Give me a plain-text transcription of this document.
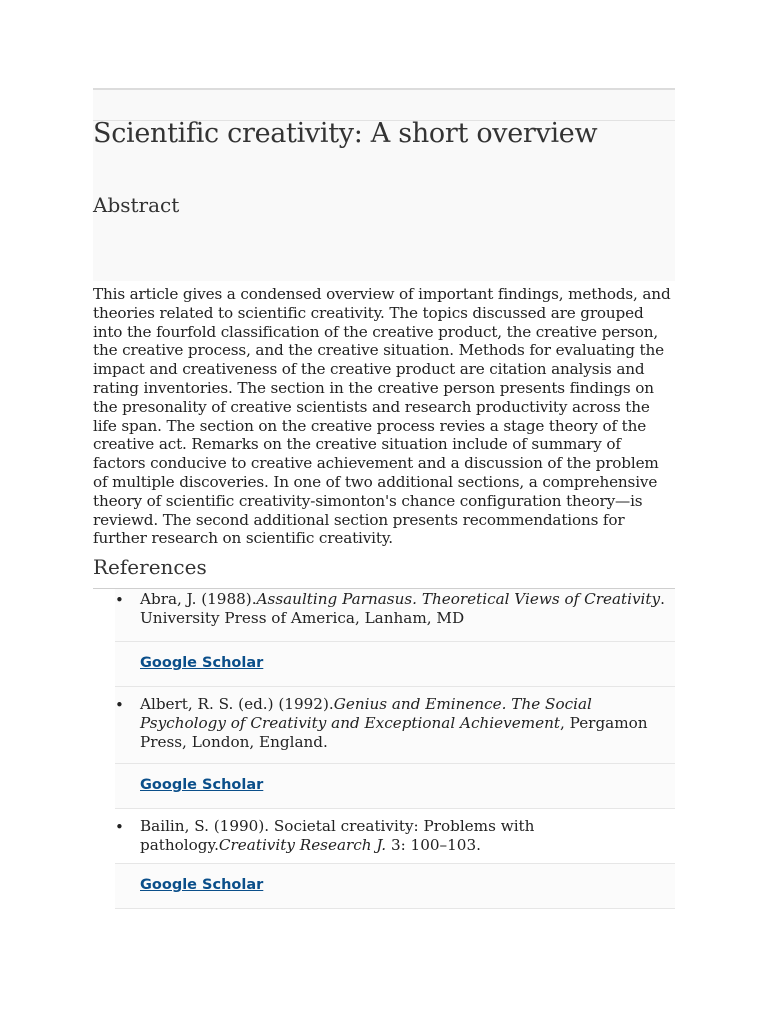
Scientific creativity: A short overview
Abstract

This article gives a condensed overview of important findings, methods, and theories related to scientific creativity. The topics discussed are grouped into the fourfold classification of the creative product, the creative person, the creative process, and the creative situation. Methods for evaluating the impact and creativeness of the creative product are citation analysis and rating inventories. The section in the creative person presents findings on the presonality of creative scientists and research productivity across the life span. The section on the creative process revies a stage theory of the creative act. Remarks on the creative situation include of summary of factors conducive to creative achievement and a discussion of the problem of multiple discoveries. In one of two additional sections, a comprehensive theory of scientific creativity-simonton's chance configuration theory—is reviewd. The second additional section presents recommendations for further research on scientific creativity.

References

• Abra, J. (1988).Assaulting Parnasus. Theoretical Views of Creativity. University Press of America, Lanham, MD

Google Scholar

• Albert, R. S. (ed.) (1992).Genius and Eminence. The Social Psychology of Creativity and Exceptional Achievement, Pergamon Press, London, England.

Google Scholar

• Bailin, S. (1990). Societal creativity: Problems with pathology.Creativity Research J. 3: 100–103.

Google Scholar
